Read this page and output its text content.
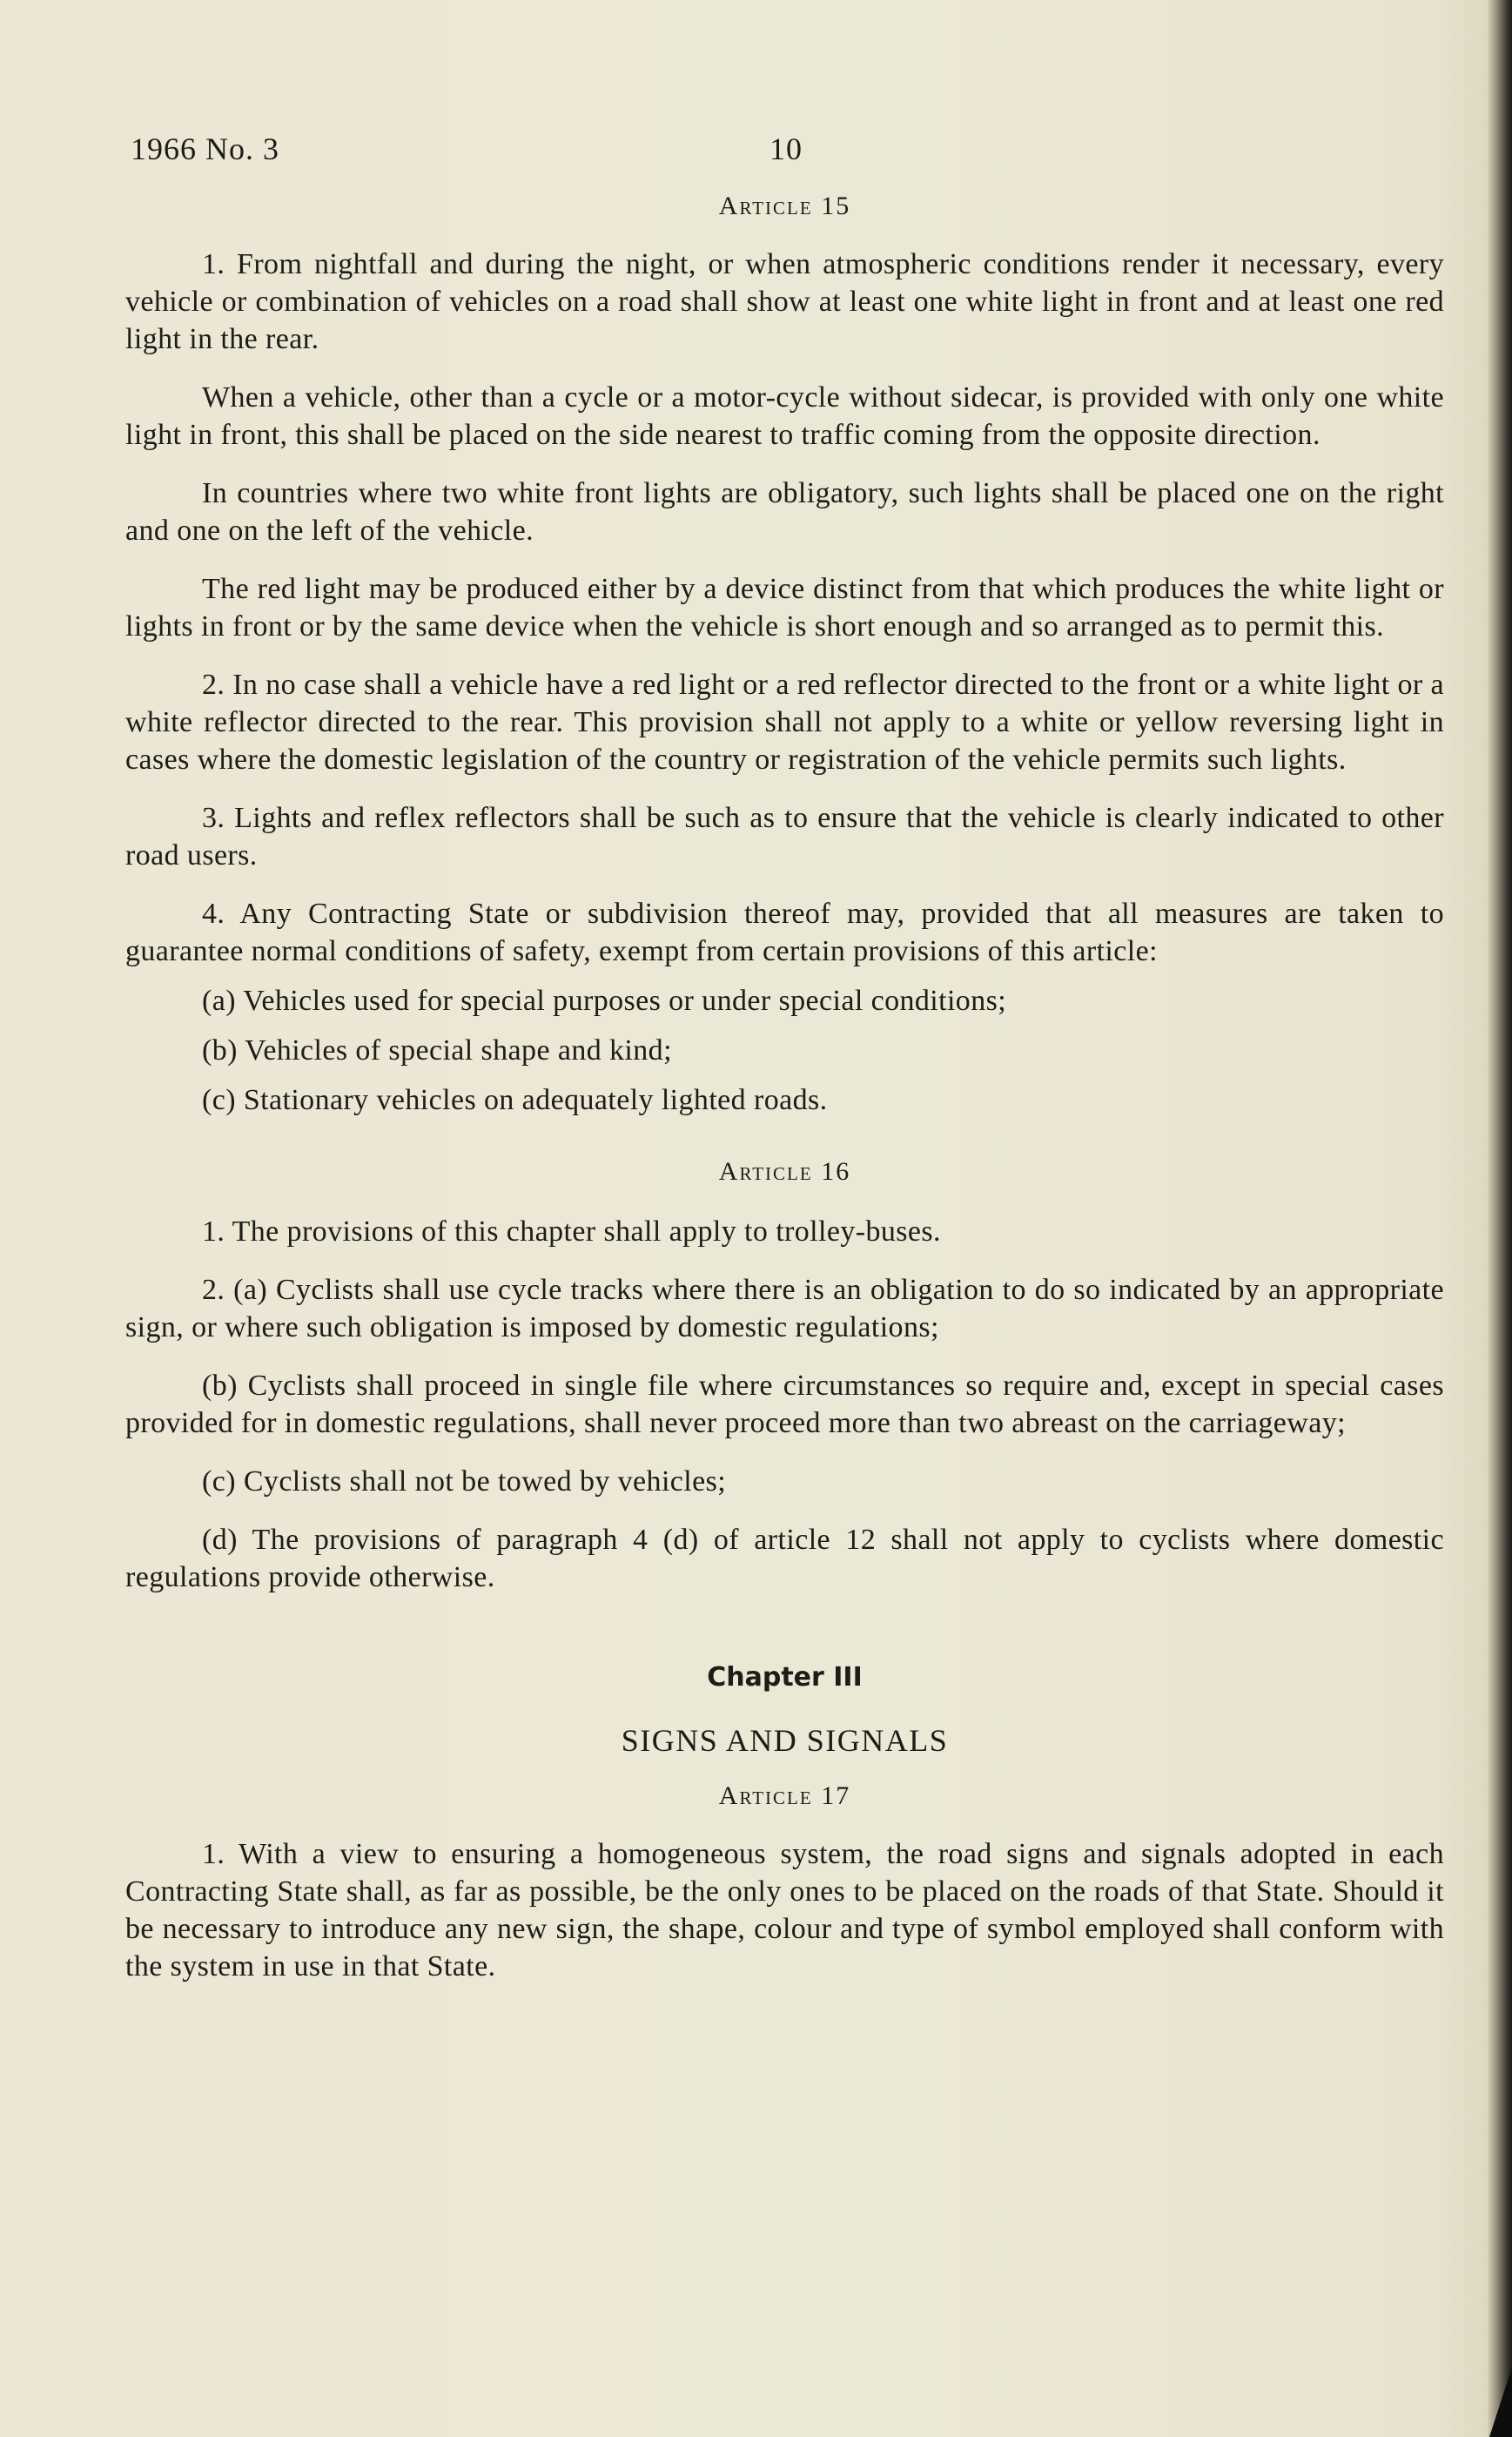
1966 No. 3	10
Article 15

1. From nightfall and during the night, or when atmospheric conditions render it necessary, every vehicle or combination of vehicles on a road shall show at least one white light in front and at least one red light in the rear.

When a vehicle, other than a cycle or a motor-cycle without sidecar, is provided with only one white light in front, this shall be placed on the side nearest to traffic coming from the opposite direction.

In countries where two white front lights are obligatory, such lights shall be placed one on the right and one on the left of the vehicle.

The red light may be produced either by a device distinct from that which produces the white light or lights in front or by the same device when the vehicle is short enough and so arranged as to permit this.

2. In no case shall a vehicle have a red light or a red reflector directed to the front or a white light or a white reflector directed to the rear. This provision shall not apply to a white or yellow reversing light in cases where the domestic legislation of the country or registration of the vehicle permits such lights.

3. Lights and reflex reflectors shall be such as to ensure that the vehicle is clearly indicated to other road users.

4. Any Contracting State or subdivision thereof may, provided that all measures are taken to guarantee normal conditions of safety, exempt from certain provisions of this article:

(a) Vehicles used for special purposes or under special conditions;

(b) Vehicles of special shape and kind;

(c) Stationary vehicles on adequately lighted roads.

Article 16

1. The provisions of this chapter shall apply to trolley-buses.

2. (a) Cyclists shall use cycle tracks where there is an obligation to do so indicated by an appropriate sign, or where such obligation is imposed by domestic regulations;

(b) Cyclists shall proceed in single file where circumstances so require and, except in special cases provided for in domestic regulations, shall never proceed more than two abreast on the carriageway;

(c) Cyclists shall not be towed by vehicles;

(d) The provisions of paragraph 4 (d) of article 12 shall not apply to cyclists where domestic regulations provide otherwise.

Chapter III
SIGNS AND SIGNALS
Article 17

1. With a view to ensuring a homogeneous system, the road signs and signals adopted in each Contracting State shall, as far as possible, be the only ones to be placed on the roads of that State. Should it be necessary to introduce any new sign, the shape, colour and type of symbol employed shall conform with the system in use in that State.
